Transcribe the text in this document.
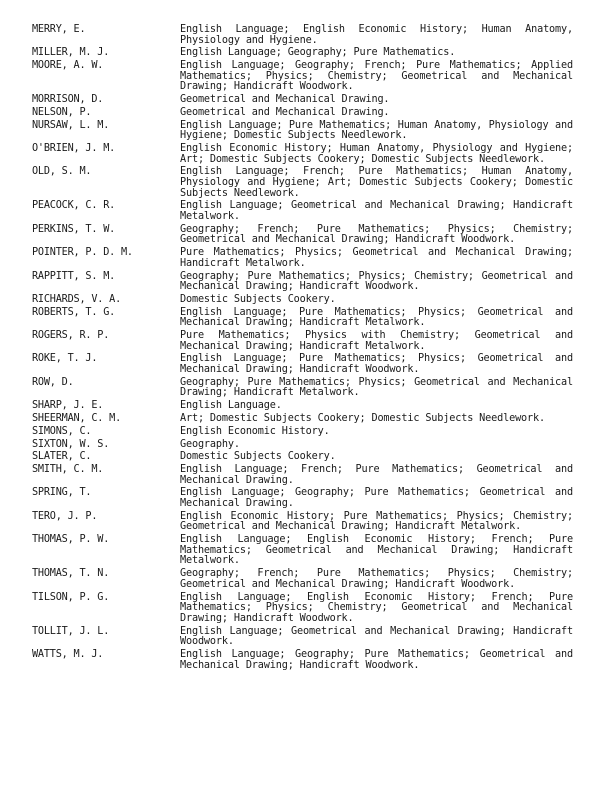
MERRY, E.	English Language; English Economic History; Human Anatomy, Physiology and Hygiene.
MILLER, M. J.	English Language; Geography; Pure Mathematics.
MOORE, A. W.	English Language; Geography; French; Pure Mathematics; Applied Mathematics; Physics; Chemistry; Geometrical and Mechanical Drawing; Handicraft Woodwork.
MORRISON, D.	Geometrical and Mechanical Drawing.
NELSON, P.	Geometrical and Mechanical Drawing.
NURSAW, L. M.	English Language; Pure Mathematics; Human Anatomy, Physiology and Hygiene; Domestic Subjects Needlework.
O'BRIEN, J. M.	English Economic History; Human Anatomy, Physiology and Hygiene; Art; Domestic Subjects Cookery; Domestic Subjects Needlework.
OLD, S. M.	English Language; French; Pure Mathematics; Human Anatomy, Physiology and Hygiene; Art; Domestic Subjects Cookery; Domestic Subjects Needlework.
PEACOCK, C. R.	English Language; Geometrical and Mechanical Drawing; Handicraft Metalwork.
PERKINS, T. W.	Geography; French; Pure Mathematics; Physics; Chemistry; Geometrical and Mechanical Drawing; Handicraft Woodwork.
POINTER, P. D. M.	Pure Mathematics; Physics; Geometrical and Mechanical Drawing; Handicraft Metalwork.
RAPPITT, S. M.	Geography; Pure Mathematics; Physics; Chemistry; Geometrical and Mechanical Drawing; Handicraft Woodwork.
RICHARDS, V. A.	Domestic Subjects Cookery.
ROBERTS, T. G.	English Language; Pure Mathematics; Physics; Geometrical and Mechanical Drawing; Handicraft Metalwork.
ROGERS, R. P.	Pure Mathematics; Physics with Chemistry; Geometrical and Mechanical Drawing; Handicraft Metalwork.
ROKE, T. J.	English Language; Pure Mathematics; Physics; Geometrical and Mechanical Drawing; Handicraft Woodwork.
ROW, D.	Geography; Pure Mathematics; Physics; Geometrical and Mechanical Drawing; Handicraft Metalwork.
SHARP, J. E.	English Language.
SHEERMAN, C. M.	Art; Domestic Subjects Cookery; Domestic Subjects Needlework.
SIMONS, C.	English Economic History.
SIXTON, W. S.	Geography.
SLATER, C.	Domestic Subjects Cookery.
SMITH, C. M.	English Language; French; Pure Mathematics; Geometrical and Mechanical Drawing.
SPRING, T.	English Language; Geography; Pure Mathematics; Geometrical and Mechanical Drawing.
TERO, J. P.	English Economic History; Pure Mathematics; Physics; Chemistry; Geometrical and Mechanical Drawing; Handicraft Metalwork.
THOMAS, P. W.	English Language; English Economic History; French; Pure Mathematics; Geometrical and Mechanical Drawing; Handicraft Metalwork.
THOMAS, T. N.	Geography; French; Pure Mathematics; Physics; Chemistry; Geometrical and Mechanical Drawing; Handicraft Woodwork.
TILSON, P. G.	English Language; English Economic History; French; Pure Mathematics; Physics; Chemistry; Geometrical and Mechanical Drawing; Handicraft Woodwork.
TOLLIT, J. L.	English Language; Geometrical and Mechanical Drawing; Handicraft Woodwork.
WATTS, M. J.	English Language; Geography; Pure Mathematics; Geometrical and Mechanical Drawing; Handicraft Woodwork.
